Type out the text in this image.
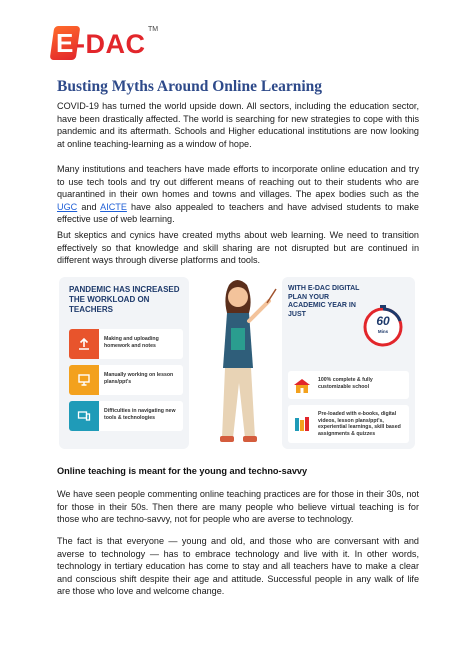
E -DAC TM
Busting Myths Around Online Learning

COVID-19 has turned the world upside down. All sectors, including the education sector, have been drastically affected. The world is searching for new strategies to cope with this pandemic and its aftermath. Schools and Higher educational institutions are now looking at online teaching-learning as a window of hope.

Many institutions and teachers have made efforts to incorporate online education and try to use tech tools and try out different means of reaching out to their students who are quarantined in their own homes and towns and villages. The apex bodies such as the UGC and AICTE have also appealed to teachers and have advised students to make effective use of web learning.

But skeptics and cynics have created myths about web learning. We need to transition effectively so that knowledge and skill sharing are not disrupted but are continued in different ways through diverse platforms and tools.

PANDEMIC HAS INCREASED THE WORKLOAD ON TEACHERS
Making and uploading homework and notes
Manually working on lesson plans/ppt's
Difficulties in navigating new tools & technologies
WITH E-DAC DIGITAL PLAN YOUR ACADEMIC YEAR IN JUST	60
Mins
100% complete & fully customizable school
Pre-loaded with e-books, digital videos, lesson plans/ppt's, experiential learnings, skill based assignments & quizzes
Online teaching is meant for the young and techno-savvy

We have seen people commenting online teaching practices are for those in their 30s, not for those in their 50s. Then there are many people who believe virtual teaching is for those who are techno-savvy, not for people who are averse to technology.

The fact is that everyone — young and old, and those who are conversant with and averse to technology — has to embrace technology and live with it. In other words, technology in tertiary education has come to stay and all teachers have to make a clear and conscious shift despite their age and attitude. Successful people in any walk of life are those who love and welcome change.
